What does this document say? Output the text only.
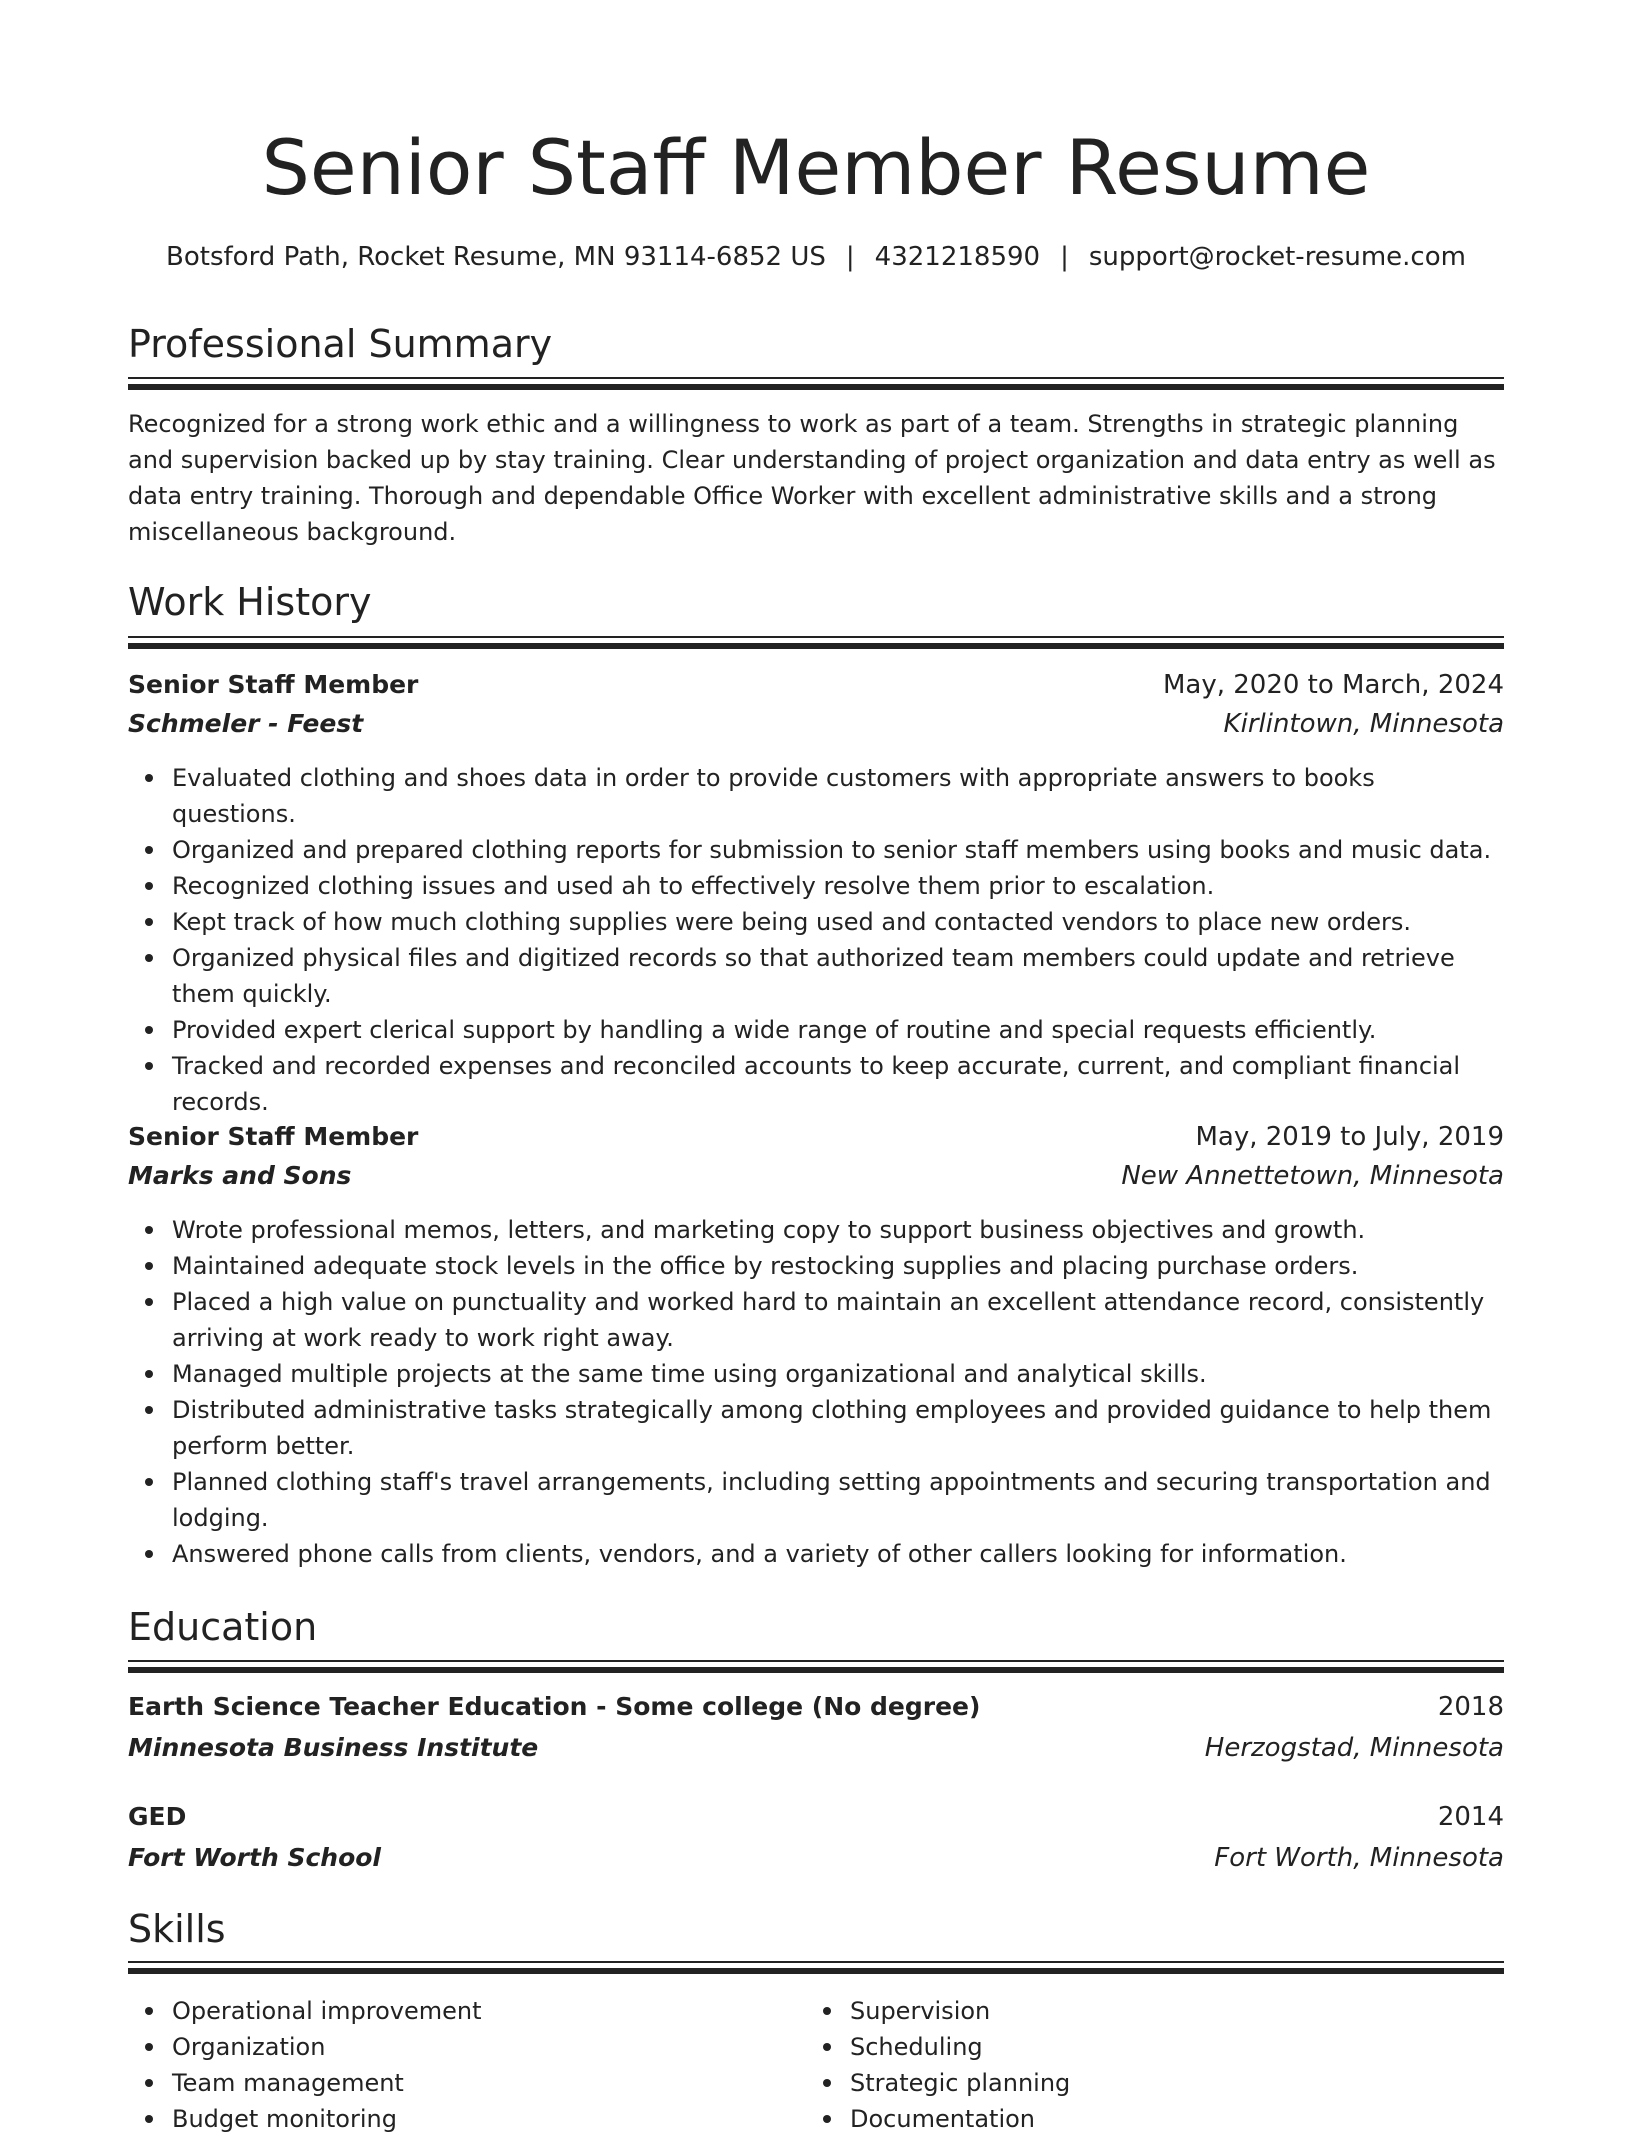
Senior Staff Member Resume
Botsford Path, Rocket Resume, MN 93114-6852 US | 4321218590 | support@rocket-resume.com
Professional Summary

Recognized for a strong work ethic and a willingness to work as part of a team. Strengths in strategic planning and supervision backed up by stay training. Clear understanding of project organization and data entry as well as data entry training. Thorough and dependable Office Worker with excellent administrative skills and a strong miscellaneous background.

Work History
Senior Staff Member	May, 2020 to March, 2024
Schmeler - Feest	Kirlintown, Minnesota
Evaluated clothing and shoes data in order to provide customers with appropriate answers to books questions.
Organized and prepared clothing reports for submission to senior staff members using books and music data.
Recognized clothing issues and used ah to effectively resolve them prior to escalation.
Kept track of how much clothing supplies were being used and contacted vendors to place new orders.
Organized physical files and digitized records so that authorized team members could update and retrieve them quickly.
Provided expert clerical support by handling a wide range of routine and special requests efficiently.
Tracked and recorded expenses and reconciled accounts to keep accurate, current, and compliant financial records.
Senior Staff Member	May, 2019 to July, 2019
Marks and Sons	New Annettetown, Minnesota
Wrote professional memos, letters, and marketing copy to support business objectives and growth.
Maintained adequate stock levels in the office by restocking supplies and placing purchase orders.
Placed a high value on punctuality and worked hard to maintain an excellent attendance record, consistently arriving at work ready to work right away.
Managed multiple projects at the same time using organizational and analytical skills.
Distributed administrative tasks strategically among clothing employees and provided guidance to help them perform better.
Planned clothing staff's travel arrangements, including setting appointments and securing transportation and lodging.
Answered phone calls from clients, vendors, and a variety of other callers looking for information.
Education
Earth Science Teacher Education - Some college (No degree)	2018
Minnesota Business Institute	Herzogstad, Minnesota
GED	2014
Fort Worth School	Fort Worth, Minnesota
Skills
Operational improvement
Organization
Team management
Budget monitoring
Supervision
Scheduling
Strategic planning
Documentation
